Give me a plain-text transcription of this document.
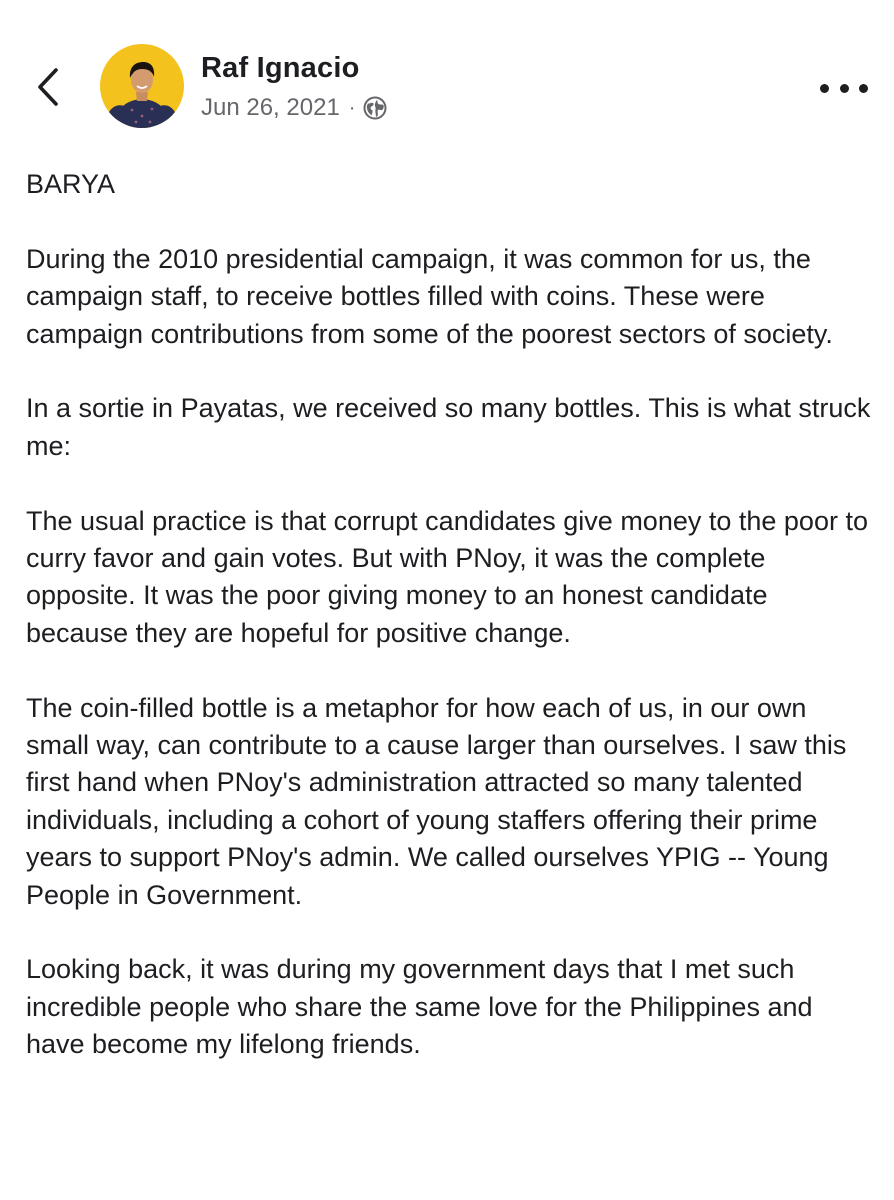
Raf Ignacio
Jun 26, 2021 ·

BARYA

During the 2010 presidential campaign, it was common for us, the campaign staff, to receive bottles filled with coins. These were campaign contributions from some of the poorest sectors of society.

In a sortie in Payatas, we received so many bottles. This is what struck me:

The usual practice is that corrupt candidates give money to the poor to curry favor and gain votes. But with PNoy, it was the complete opposite. It was the poor giving money to an honest candidate because they are hopeful for positive change.

The coin-filled bottle is a metaphor for how each of us, in our own small way, can contribute to a cause larger than ourselves. I saw this first hand when PNoy's administration attracted so many talented individuals, including a cohort of young staffers offering their prime years to support PNoy's admin. We called ourselves YPIG -- Young People in Government.

Looking back, it was during my government days that I met such incredible people who share the same love for the Philippines and have become my lifelong friends.
